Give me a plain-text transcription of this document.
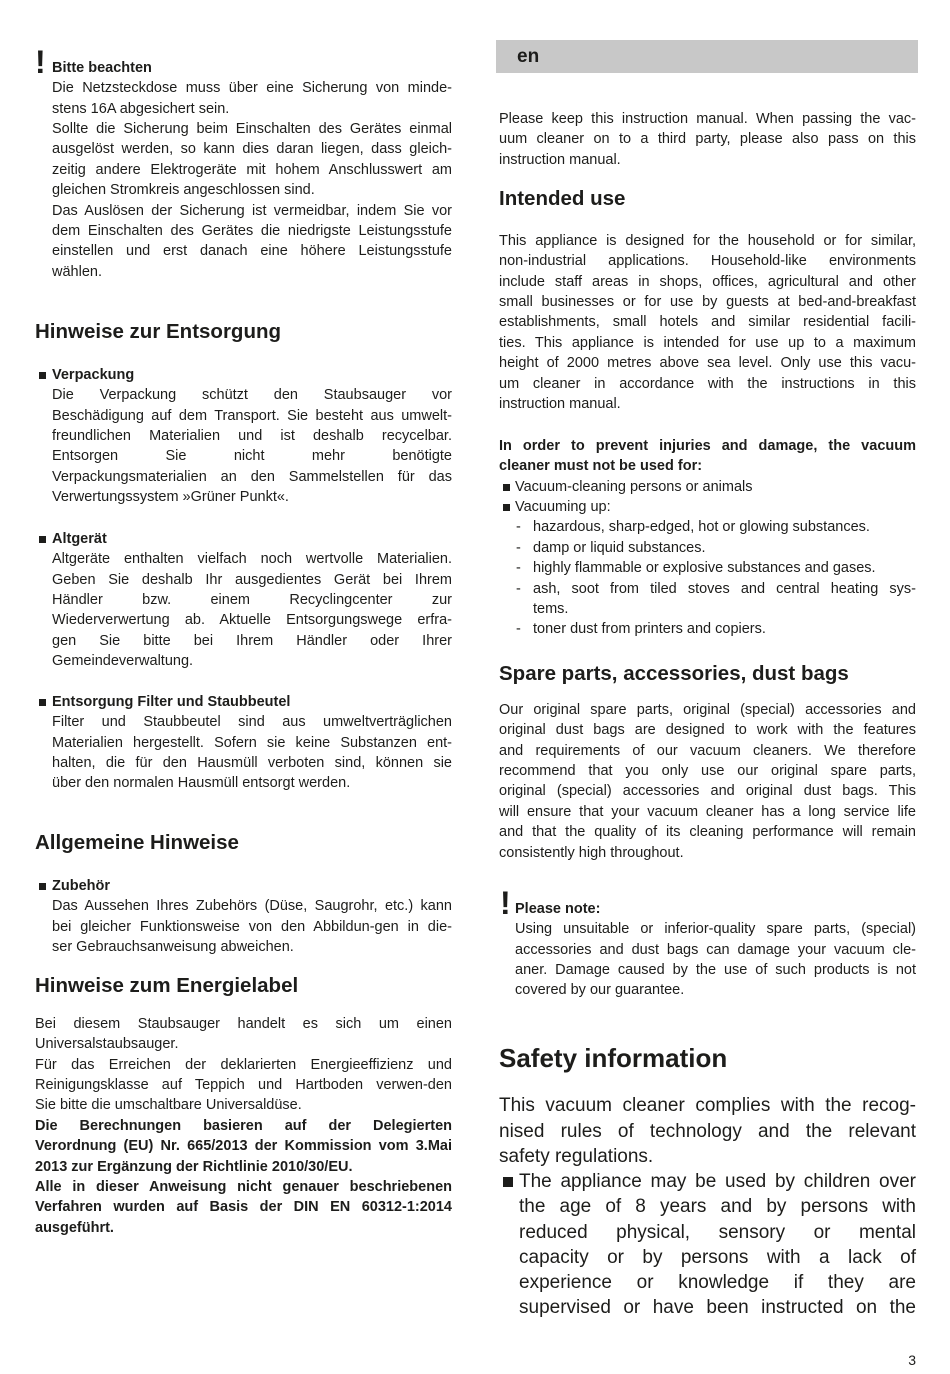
! Bitte beachten
Die Netzsteckdose muss über eine Sicherung von minde-
stens 16A abgesichert sein.
Sollte die Sicherung beim Einschalten des Gerätes einmal
ausgelöst werden, so kann dies daran liegen, dass gleich-
zeitig andere Elektrogeräte mit hohem Anschlusswert am
gleichen Stromkreis angeschlossen sind.
Das Auslösen der Sicherung ist vermeidbar, indem Sie vor
dem Einschalten des Gerätes die niedrigste Leistungsstufe
einstellen und erst danach eine höhere Leistungsstufe
wählen.
Hinweise zur Entsorgung
Verpackung
Die Verpackung schützt den Staubsauger vor
Beschädigung auf dem Transport. Sie besteht aus umwelt-
freundlichen Materialien und ist deshalb recycelbar.
Entsorgen Sie nicht mehr benötigte
Verpackungsmaterialien an den Sammelstellen für das
Verwertungssystem »Grüner Punkt«.
Altgerät
Altgeräte enthalten vielfach noch wertvolle Materialien.
Geben Sie deshalb Ihr ausgedientes Gerät bei Ihrem
Händler bzw. einem Recyclingcenter zur
Wiederverwertung ab. Aktuelle Entsorgungswege erfra-
gen Sie bitte bei Ihrem Händler oder Ihrer
Gemeindeverwaltung.
Entsorgung Filter und Staubbeutel
Filter und Staubbeutel sind aus umweltverträglichen
Materialien hergestellt. Sofern sie keine Substanzen ent-
halten, die für den Hausmüll verboten sind, können sie
über den normalen Hausmüll entsorgt werden.
Allgemeine Hinweise
Zubehör
Das Aussehen Ihres Zubehörs (Düse, Saugrohr, etc.) kann
bei gleicher Funktionsweise von den Abbildun-gen in die-
ser Gebrauchsanweisung abweichen.
Hinweise zum Energielabel
Bei diesem Staubsauger handelt es sich um einen
Universalstaubsauger.
Für das Erreichen der deklarierten Energieeffizienz und
Reinigungsklasse auf Teppich und Hartboden verwen-den
Sie bitte die umschaltbare Universaldüse.
Die Berechnungen basieren auf der Delegierten
Verordnung (EU) Nr. 665/2013 der Kommission vom 3.Mai
2013 zur Ergänzung der Richtlinie 2010/30/EU.
Alle in dieser Anweisung nicht genauer beschriebenen
Verfahren wurden auf Basis der DIN EN 60312-1:2014
ausgeführt.
en
Please keep this instruction manual. When passing the vac-
uum cleaner on to a third party, please also pass on this
instruction manual.
Intended use
This appliance is designed for the household or for similar,
non-industrial applications. Household-like environments
include staff areas in shops, offices, agricultural and other
small businesses or for use by guests at bed-and-breakfast
establishments, small hotels and similar residential facili-
ties. This appliance is intended for use up to a maximum
height of 2000 metres above sea level. Only use this vacu-
um cleaner in accordance with the instructions in this
instruction manual.
In order to prevent injuries and damage, the vacuum
cleaner must not be used for:
Vacuum-cleaning persons or animals
Vacuuming up:
- hazardous, sharp-edged, hot or glowing substances.
- damp or liquid substances.
- highly flammable or explosive substances and gases.
- ash, soot from tiled stoves and central heating sys-
tems.
- toner dust from printers and copiers.
Spare parts, accessories, dust bags
Our original spare parts, original (special) accessories and
original dust bags are designed to work with the features
and requirements of our vacuum cleaners. We therefore
recommend that you only use our original spare parts,
original (special) accessories and original dust bags. This
will ensure that your vacuum cleaner has a long service life
and that the quality of its cleaning performance will remain
consistently high throughout.
! Please note:
Using unsuitable or inferior-quality spare parts, (special)
accessories and dust bags can damage your vacuum cle-
aner. Damage caused by the use of such products is not
covered by our guarantee.
Safety information
This vacuum cleaner complies with the recog-
nised rules of technology and the relevant
safety regulations.
The appliance may be used by children over
the age of 8 years and by persons with
reduced physical, sensory or mental
capacity or by persons with a lack of
experience or knowledge if they are
supervised or have been instructed on the
3
